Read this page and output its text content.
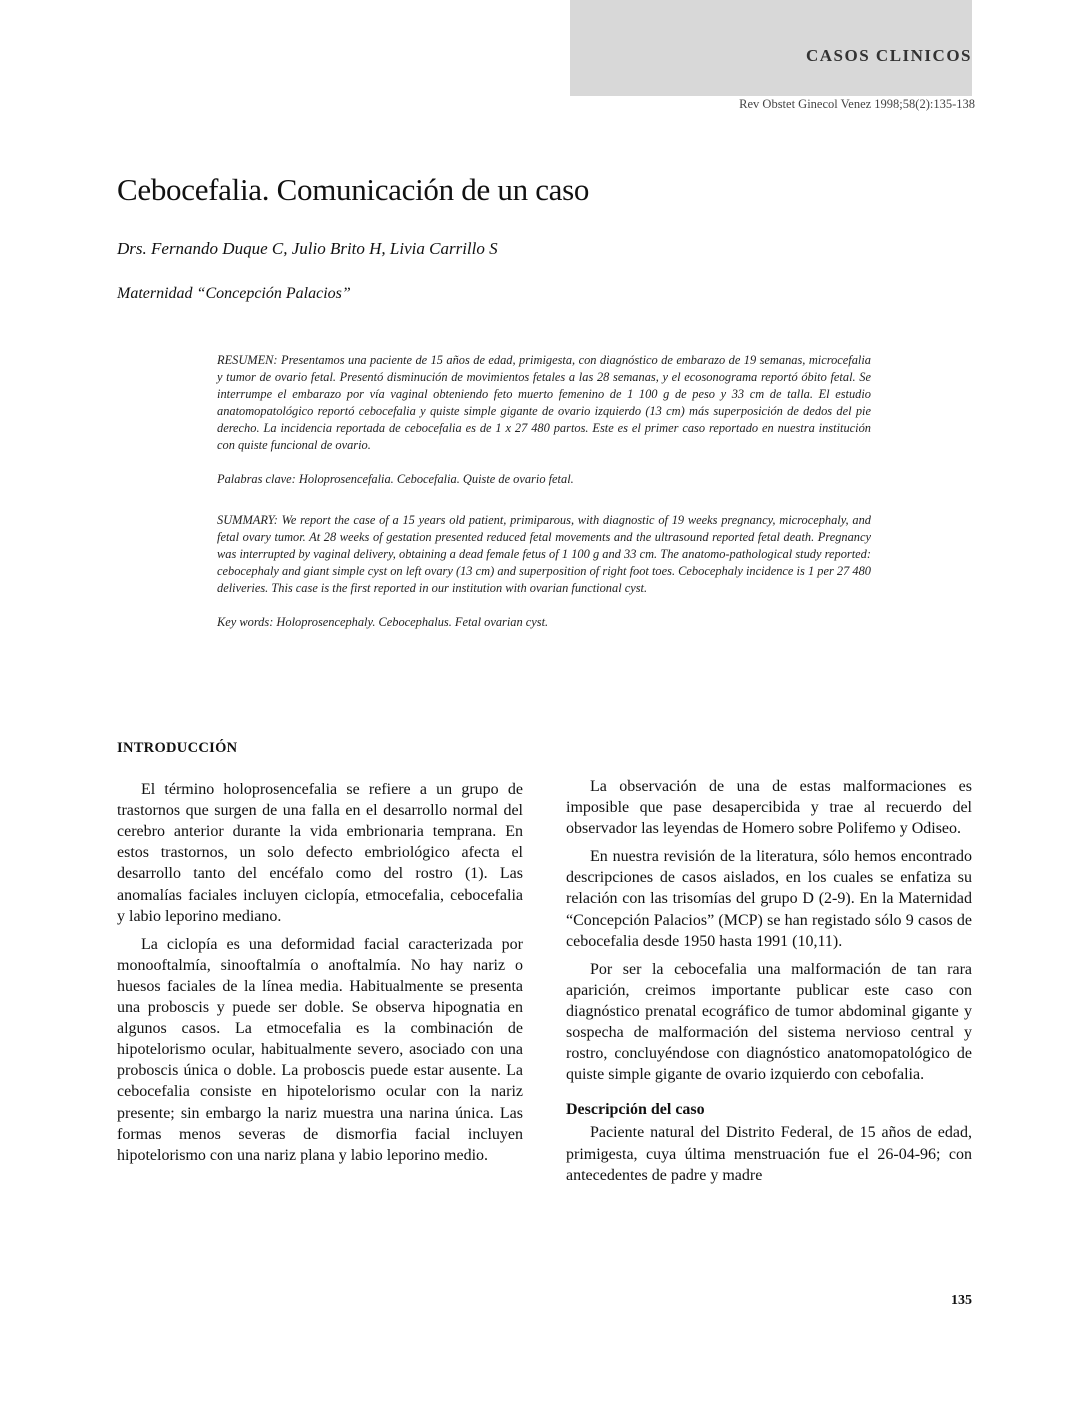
CASOS CLINICOS
Rev Obstet Ginecol Venez 1998;58(2):135-138
Cebocefalia. Comunicación de un caso
Drs. Fernando Duque C, Julio Brito H, Livia Carrillo S
Maternidad “Concepción Palacios”

RESUMEN: Presentamos una paciente de 15 años de edad, primigesta, con diagnóstico de embarazo de 19 semanas, microcefalia y tumor de ovario fetal. Presentó disminución de movimientos fetales a las 28 semanas, y el ecosonograma reportó óbito fetal. Se interrumpe el embarazo por vía vaginal obteniendo feto muerto femenino de 1 100 g de peso y 33 cm de talla. El estudio anatomopatológico reportó cebocefalia y quiste simple gigante de ovario izquierdo (13 cm) más superposición de dedos del pie derecho. La incidencia reportada de cebocefalia es de 1 x 27 480 partos. Este es el primer caso reportado en nuestra institución con quiste funcional de ovario.

Palabras clave: Holoprosencefalia. Cebocefalia. Quiste de ovario fetal.

SUMMARY: We report the case of a 15 years old patient, primiparous, with diagnostic of 19 weeks pregnancy, microcephaly, and fetal ovary tumor. At 28 weeks of gestation presented reduced fetal movements and the ultrasound reported fetal death. Pregnancy was interrupted by vaginal delivery, obtaining a dead female fetus of 1 100 g and 33 cm. The anatomo-pathological study reported: cebocephaly and giant simple cyst on left ovary (13 cm) and superposition of right foot toes. Cebocephaly incidence is 1 per 27 480 deliveries. This case is the first reported in our institution with ovarian functional cyst.

Key words: Holoprosencephaly. Cebocephalus. Fetal ovarian cyst.

INTRODUCCIÓN

El término holoprosencefalia se refiere a un grupo de trastornos que surgen de una falla en el desarrollo normal del cerebro anterior durante la vida embrionaria temprana. En estos trastornos, un solo defecto embriológico afecta el desarrollo tanto del encéfalo como del rostro (1). Las anomalías faciales incluyen ciclopía, etmocefalia, cebocefalia y labio leporino mediano.

La ciclopía es una deformidad facial caracterizada por monooftalmía, sinooftalmía o anoftalmía. No hay nariz o huesos faciales de la línea media. Habitualmente se presenta una proboscis y puede ser doble. Se observa hipognatia en algunos casos. La etmocefalia es la combinación de hipotelorismo ocular, habitualmente severo, asociado con una proboscis única o doble. La proboscis puede estar ausente. La cebocefalia consiste en hipotelorismo ocular con la nariz presente; sin embargo la nariz muestra una narina única. Las formas menos severas de dismorfia facial incluyen hipotelorismo con una nariz plana y labio leporino medio.

La observación de una de estas malformaciones es imposible que pase desapercibida y trae al recuerdo del observador las leyendas de Homero sobre Polifemo y Odiseo.

En nuestra revisión de la literatura, sólo hemos encontrado descripciones de casos aislados, en los cuales se enfatiza su relación con las trisomías del grupo D (2-9). En la Maternidad “Concepción Palacios” (MCP) se han registado sólo 9 casos de cebocefalia desde 1950 hasta 1991 (10,11).

Por ser la cebocefalia una malformación de tan rara aparición, creimos importante publicar este caso con diagnóstico prenatal ecográfico de tumor abdominal gigante y sospecha de malformación del sistema nervioso central y rostro, concluyéndose con diagnóstico anatomopatológico de quiste simple gigante de ovario izquierdo con cebofalia.

Descripción del caso

Paciente natural del Distrito Federal, de 15 años de edad, primigesta, cuya última menstruación fue el 26-04-96; con antecedentes de padre y madre

135
